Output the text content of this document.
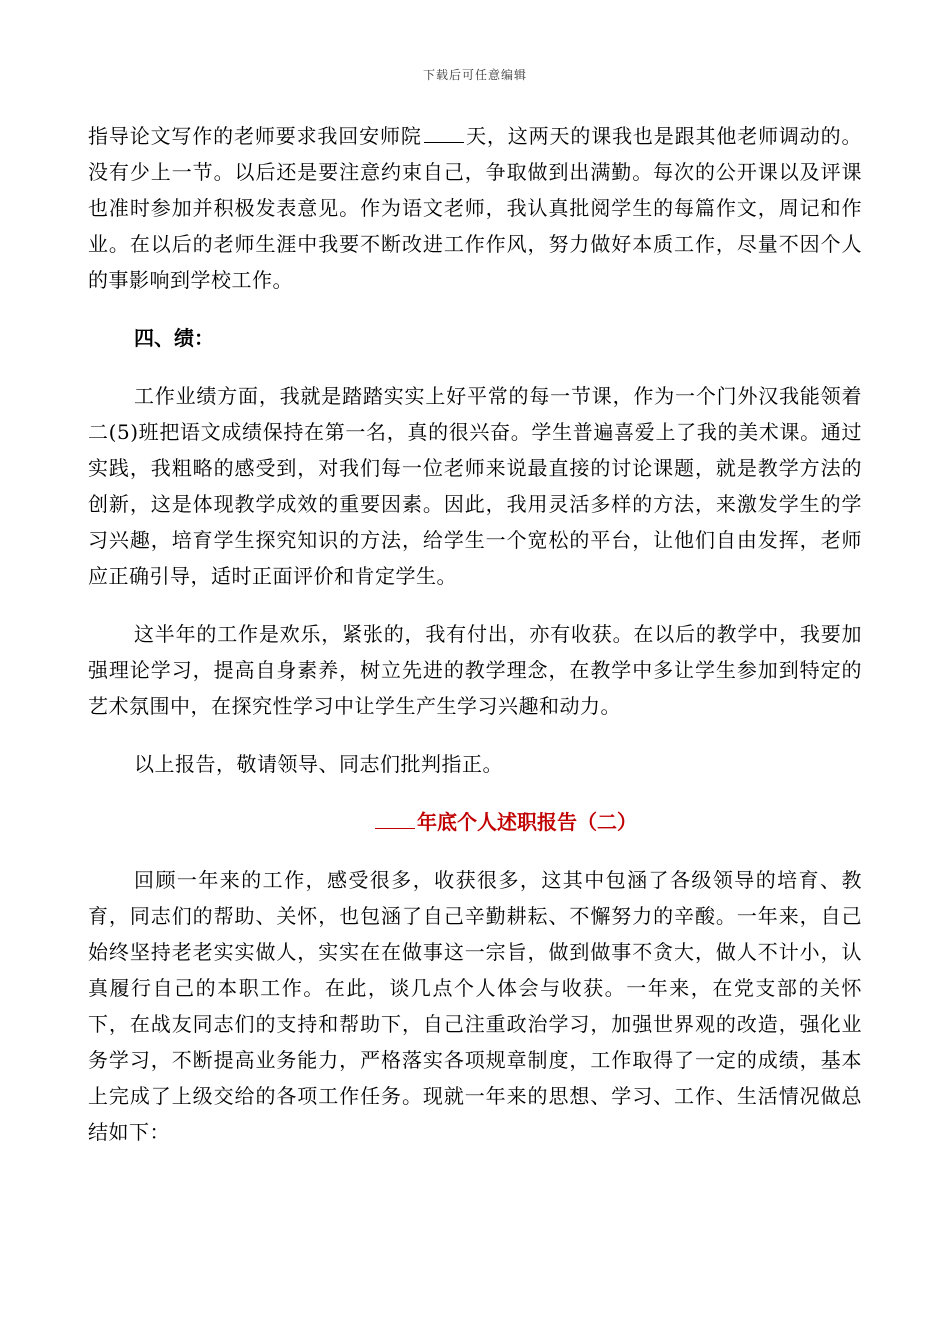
下载后可任意编辑

指导论文写作的老师要求我回安师院 天，这两天的课我也是跟其他老师调动的。没有少上一节。以后还是要注意约束自己，争取做到出满勤。每次的公开课以及评课也准时参加并积极发表意见。作为语文老师，我认真批阅学生的每篇作文，周记和作业。在以后的老师生涯中我要不断改进工作作风，努力做好本质工作，尽量不因个人的事影响到学校工作。

四、绩：

工作业绩方面，我就是踏踏实实上好平常的每一节课，作为一个门外汉我能领着二(5)班把语文成绩保持在第一名，真的很兴奋。学生普遍喜爱上了我的美术课。通过实践，我粗略的感受到，对我们每一位老师来说最直接的讨论课题，就是教学方法的创新，这是体现教学成效的重要因素。因此，我用灵活多样的方法，来激发学生的学习兴趣，培育学生探究知识的方法，给学生一个宽松的平台，让他们自由发挥，老师应正确引导，适时正面评价和肯定学生。

这半年的工作是欢乐，紧张的，我有付出，亦有收获。在以后的教学中，我要加强理论学习，提高自身素养，树立先进的教学理念，在教学中多让学生参加到特定的艺术氛围中，在探究性学习中让学生产生学习兴趣和动力。

以上报告，敬请领导、同志们批判指正。

年底个人述职报告（二）

回顾一年来的工作，感受很多，收获很多，这其中包涵了各级领导的培育、教育，同志们的帮助、关怀，也包涵了自己辛勤耕耘、不懈努力的辛酸。一年来，自己始终坚持老老实实做人，实实在在做事这一宗旨，做到做事不贪大，做人不计小，认真履行自己的本职工作。在此，谈几点个人体会与收获。一年来，在党支部的关怀下，在战友同志们的支持和帮助下，自己注重政治学习，加强世界观的改造，强化业务学习，不断提高业务能力，严格落实各项规章制度，工作取得了一定的成绩，基本上完成了上级交给的各项工作任务。现就一年来的思想、学习、工作、生活情况做总结如下：
